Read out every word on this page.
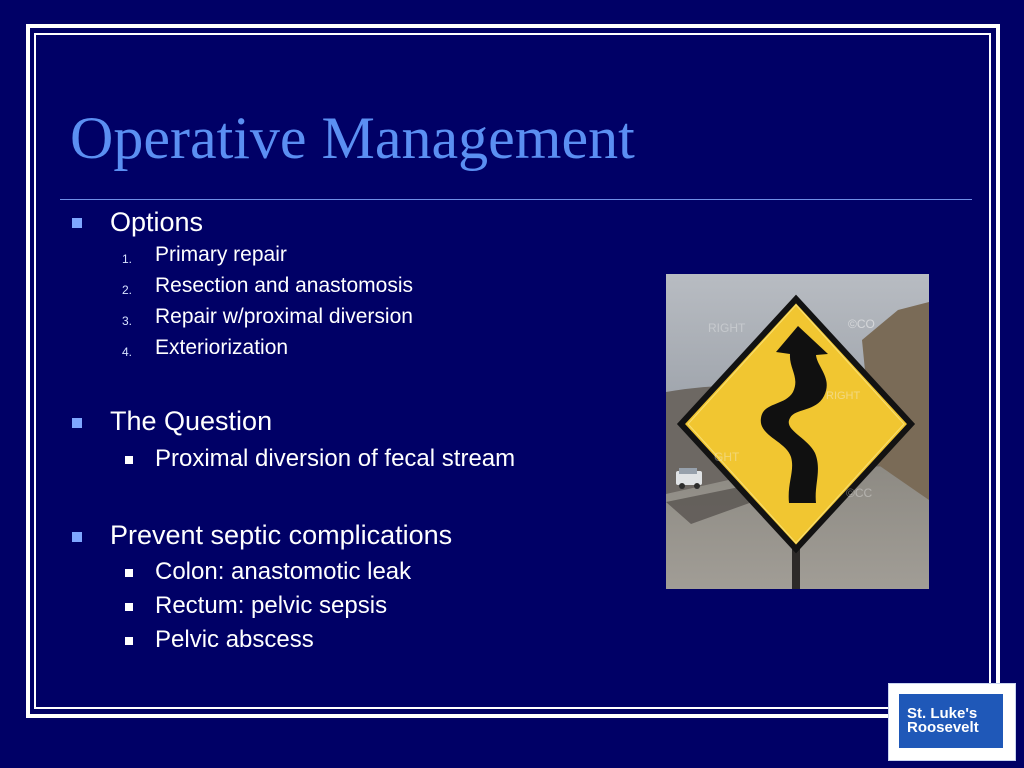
Operative Management
Options
1. Primary repair
2. Resection and anastomosis
3. Repair w/proximal diversion
4. Exteriorization
The Question
Proximal diversion of fecal stream
Prevent septic complications
Colon: anastomotic leak
Rectum: pelvic sepsis
Pelvic abscess
©CO
RIGHT
RIGHT
GHT
©CC
St. Luke's
Roosevelt
